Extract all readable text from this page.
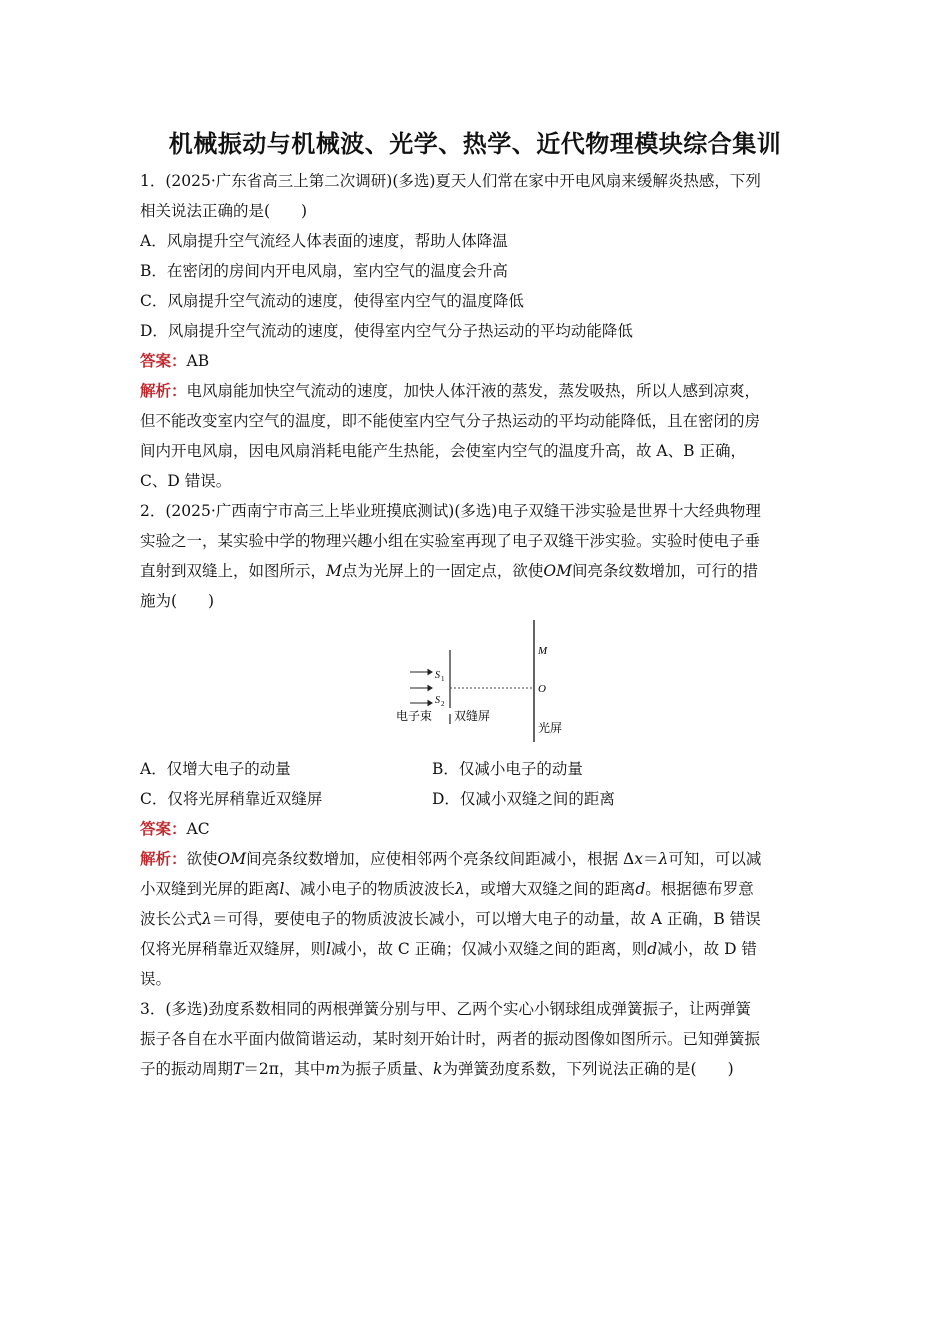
机械振动与机械波、光学、热学、近代物理模块综合集训
1．(2025·广东省高三上第二次调研)(多选)夏天人们常在家中开电风扇来缓解炎热感，下列
相关说法正确的是(　　)
A．风扇提升空气流经人体表面的速度，帮助人体降温
B．在密闭的房间内开电风扇，室内空气的温度会升高
C．风扇提升空气流动的速度，使得室内空气的温度降低
D．风扇提升空气流动的速度，使得室内空气分子热运动的平均动能降低
答案：AB
解析：电风扇能加快空气流动的速度，加快人体汗液的蒸发，蒸发吸热，所以人感到凉爽，
但不能改变室内空气的温度，即不能使室内空气分子热运动的平均动能降低，且在密闭的房
间内开电风扇，因电风扇消耗电能产生热能，会使室内空气的温度升高，故 A、B 正确，
C、D 错误。
2．(2025·广西南宁市高三上毕业班摸底测试)(多选)电子双缝干涉实验是世界十大经典物理
实验之一，某实验中学的物理兴趣小组在实验室再现了电子双缝干涉实验。实验时使电子垂
直射到双缝上，如图所示，M点为光屏上的一固定点，欲使OM间亮条纹数增加，可行的措
施为(　　)
M
O
S 1
S 2
电子束 双缝屏
光屏
A．仅增大电子的动量	B．仅减小电子的动量
C．仅将光屏稍靠近双缝屏	D．仅减小双缝之间的距离
答案：AC
解析：欲使OM间亮条纹数增加，应使相邻两个亮条纹间距减小，根据 Δx＝λ可知，可以减
小双缝到光屏的距离l、减小电子的物质波波长λ，或增大双缝之间的距离d。根据德布罗意
波长公式λ＝可得，要使电子的物质波波长减小，可以增大电子的动量，故 A 正确，B 错误
仅将光屏稍靠近双缝屏，则l减小，故 C 正确；仅减小双缝之间的距离，则d减小，故 D 错
误。
3．(多选)劲度系数相同的两根弹簧分别与甲、乙两个实心小钢球组成弹簧振子，让两弹簧
振子各自在水平面内做简谐运动，某时刻开始计时，两者的振动图像如图所示。已知弹簧振
子的振动周期T＝2π，其中m为振子质量、k为弹簧劲度系数，下列说法正确的是(　　)
